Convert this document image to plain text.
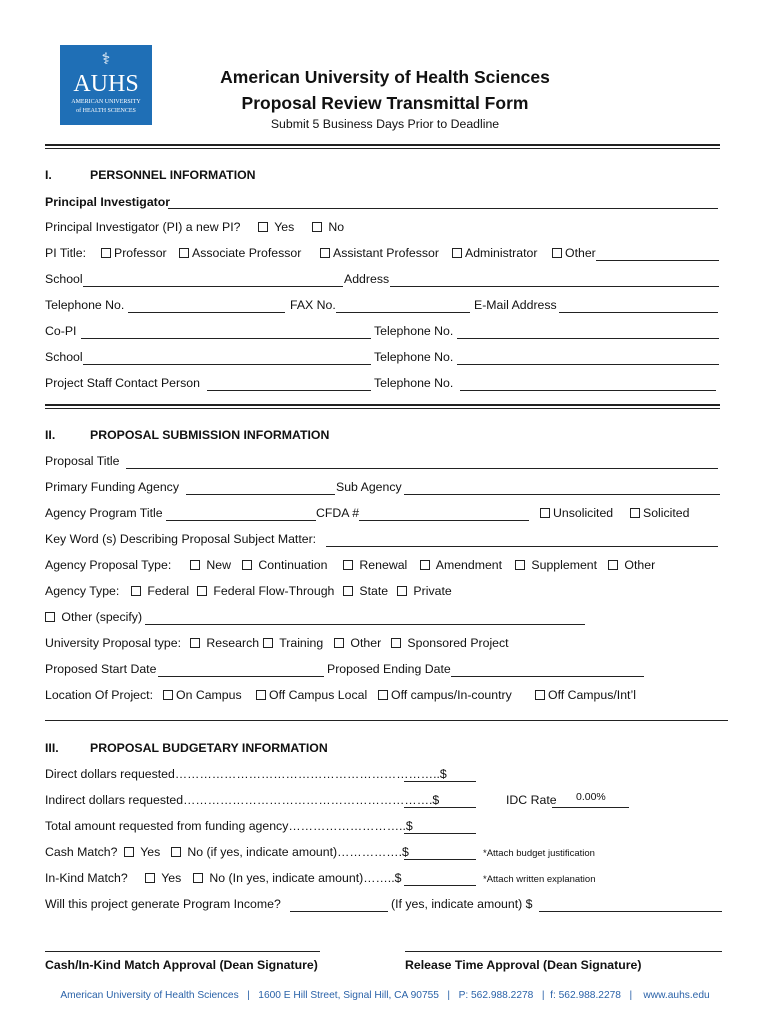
⚕
AUHS
AMERICAN UNIVERSITY
of HEALTH SCIENCES
American University of Health Sciences
Proposal Review Transmittal Form
Submit 5 Business Days Prior to Deadline
I.	PERSONNEL INFORMATION
Principal Investigator
Principal Investigator (PI) a new PI?	Yes	No
PI Title:	Professor	Associate Professor	Assistant Professor	Administrator	Other
School	Address
Telephone No.	FAX No.	E-Mail Address
Co-PI	Telephone No.
School	Telephone No.
Project Staff Contact Person	Telephone No.
II.	PROPOSAL SUBMISSION INFORMATION
Proposal Title
Primary Funding Agency	Sub Agency
Agency Program Title	CFDA #	Unsolicited	Solicited
Key Word (s) Describing Proposal Subject Matter:
Agency Proposal Type:	New	Continuation	Renewal	Amendment	Supplement	Other
Agency Type:	Federal	Federal Flow-Through	State	Private
Other (specify)
University Proposal type:	Research	Training	Other	Sponsored Project
Proposed Start Date	Proposed Ending Date
Location Of Project:	On Campus	Off Campus Local	Off campus/In-country	Off Campus/Int’l
III.	PROPOSAL BUDGETARY INFORMATION
Direct dollars requested………………………………………………………..$
Indirect dollars requested…………………………………………………….$	IDC Rate 0.00%
Total amount requested from funding agency………………………..$
Cash Match?	Yes	No (if yes, indicate amount)…………….$	*Attach budget justification
In-Kind Match?	Yes	No (In yes, indicate amount)……..$	*Attach written explanation
Will this project generate Program Income?	(If yes, indicate amount) $
Cash/In-Kind Match Approval (Dean Signature)	Release Time Approval (Dean Signature)
American University of Health Sciences   |   1600 E Hill Street, Signal Hill, CA 90755   |   P: 562.988.2278   |  f: 562.988.2278   |    www.auhs.edu
